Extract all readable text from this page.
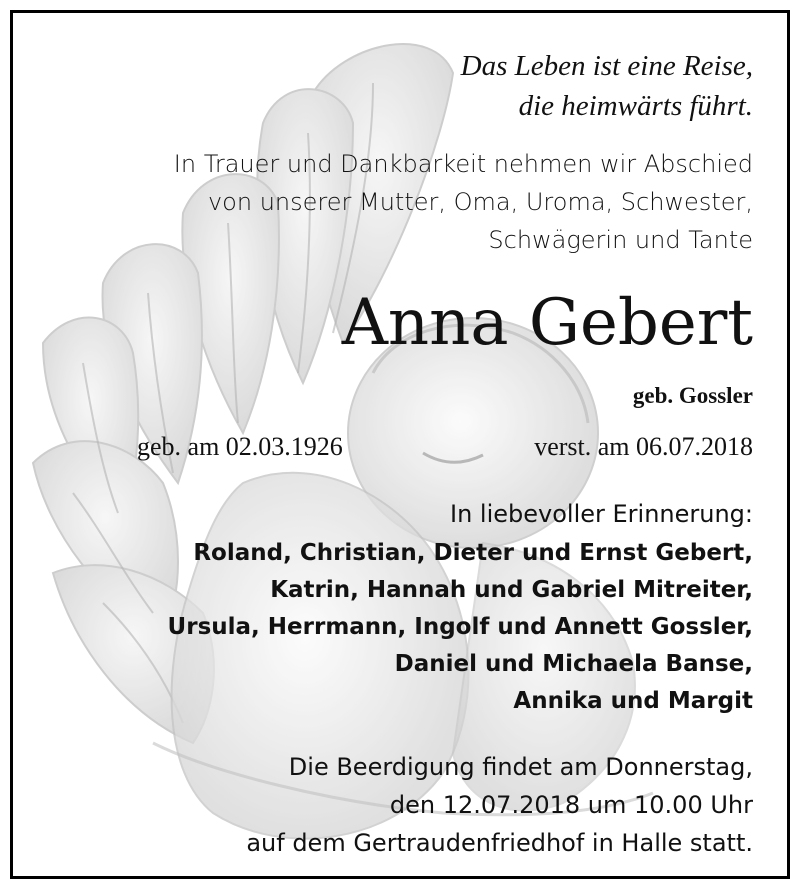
Das Leben ist eine Reise,
die heimwärts führt.
In Trauer und Dankbarkeit nehmen wir Abschied
von unserer Mutter, Oma, Uroma, Schwester,
Schwägerin und Tante
Anna Gebert
geb. Gossler
geb. am 02.03.1926	verst. am 06.07.2018
In liebevoller Erinnerung:
Roland, Christian, Dieter und Ernst Gebert,
Katrin, Hannah und Gabriel Mitreiter,
Ursula, Herrmann, Ingolf und Annett Gossler,
Daniel und Michaela Banse,
Annika und Margit
Die Beerdigung findet am Donnerstag,
den 12.07.2018 um 10.00 Uhr
auf dem Gertraudenfriedhof in Halle statt.
